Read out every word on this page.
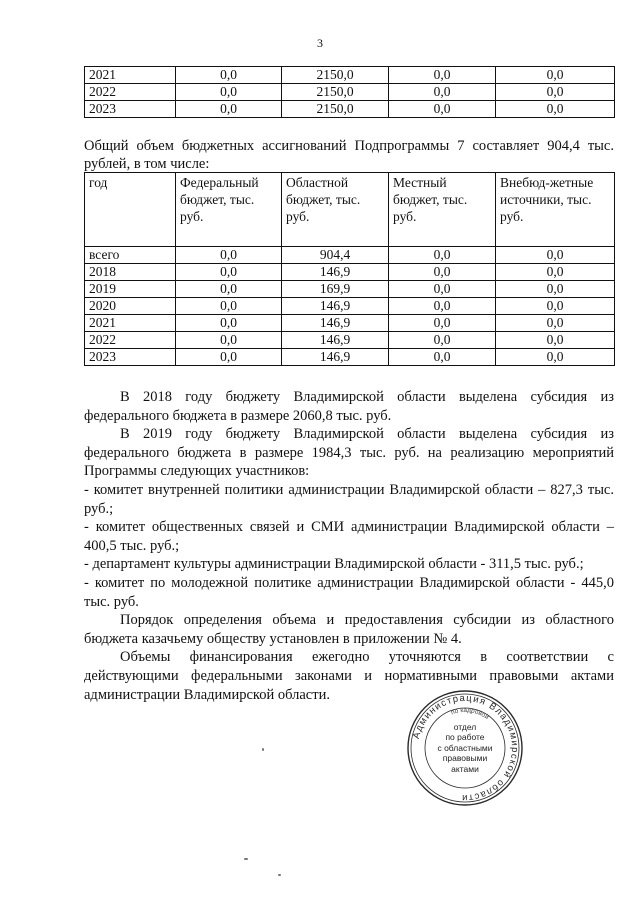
3
2021	0,0	2150,0	0,0	0,0
2022	0,0	2150,0	0,0	0,0
2023	0,0	2150,0	0,0	0,0
Общий объем бюджетных ассигнований Подпрограммы 7 составляет 904,4 тыс. рублей, в том числе:
год	Федеральный бюджет, тыс. руб.	Областной бюджет, тыс. руб.	Местный бюджет, тыс. руб.	Внебюд-жетные источники, тыс. руб.
всего	0,0	904,4	0,0	0,0
2018	0,0	146,9	0,0	0,0
2019	0,0	169,9	0,0	0,0
2020	0,0	146,9	0,0	0,0
2021	0,0	146,9	0,0	0,0
2022	0,0	146,9	0,0	0,0
2023	0,0	146,9	0,0	0,0

В 2018 году бюджету Владимирской области выделена субсидия из федерального бюджета в размере 2060,8 тыс. руб.

В 2019 году бюджету Владимирской области выделена субсидия из федерального бюджета в размере 1984,3 тыс. руб. на реализацию мероприятий Программы следующих участников:

- комитет внутренней политики администрации Владимирской области – 827,3 тыс. руб.;

- комитет общественных связей и СМИ администрации Владимирской области – 400,5 тыс. руб.;

- департамент культуры администрации Владимирской области - 311,5 тыс. руб.;

- комитет по молодежной политике администрации Владимирской области - 445,0 тыс. руб.

Порядок определения объема и предоставления субсидии из областного бюджета казачьему обществу установлен в приложении № 4.

Объемы финансирования ежегодно уточняются в соответствии с действующими федеральными законами и нормативными правовыми актами администрации Владимирской области.

Администрация Владимирской области
по кадровой
отдел
по работе
с областными
правовыми
актами
